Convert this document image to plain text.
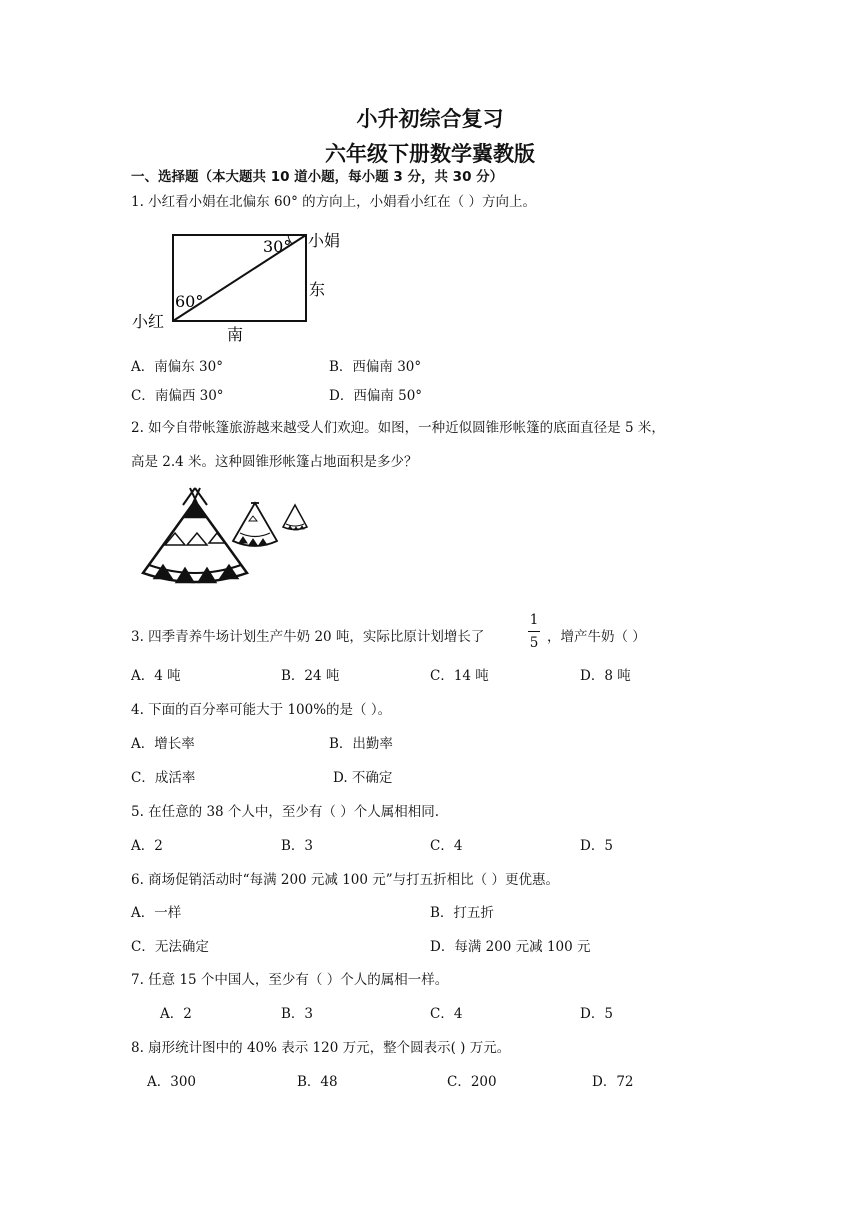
小升初综合复习
六年级下册数学冀教版
一、选择题（本大题共 10 道小题，每小题 3 分，共 30 分）
1. 小红看小娟在北偏东 60° 的方向上，小娟看小红在（ ）方向上。
30°
60°
小娟
东
南
小红
A．南偏东 30°	B．西偏南 30°
C．南偏西 30°	D．西偏南 50°
2. 如今自带帐篷旅游越来越受人们欢迎。如图，一种近似圆锥形帐篷的底面直径是 5 米，
高是 2.4 米。这种圆锥形帐篷占地面积是多少？
3. 四季青养牛场计划生产牛奶 20 吨，实际比原计划增长了
1
5 ，增产牛奶（ ）
A．4 吨	B．24 吨	C．14 吨	D．8 吨
4. 下面的百分率可能大于 100%的是（ ）。
A．增长率	B．出勤率
C．成活率	D. 不确定
5. 在任意的 38 个人中，至少有（ ）个人属相相同.
A．2	B．3	C．4	D．5
6. 商场促销活动时“每满 200 元减 100 元”与打五折相比（ ）更优惠。
A．一样	B．打五折
C．无法确定	D．每满 200 元减 100 元
7. 任意 15 个中国人，至少有（ ）个人的属相一样。
A．2	B．3	C．4	D．5
8. 扇形统计图中的 40% 表示 120 万元，整个圆表示( ) 万元。
A．300	B．48	C．200	D．72
